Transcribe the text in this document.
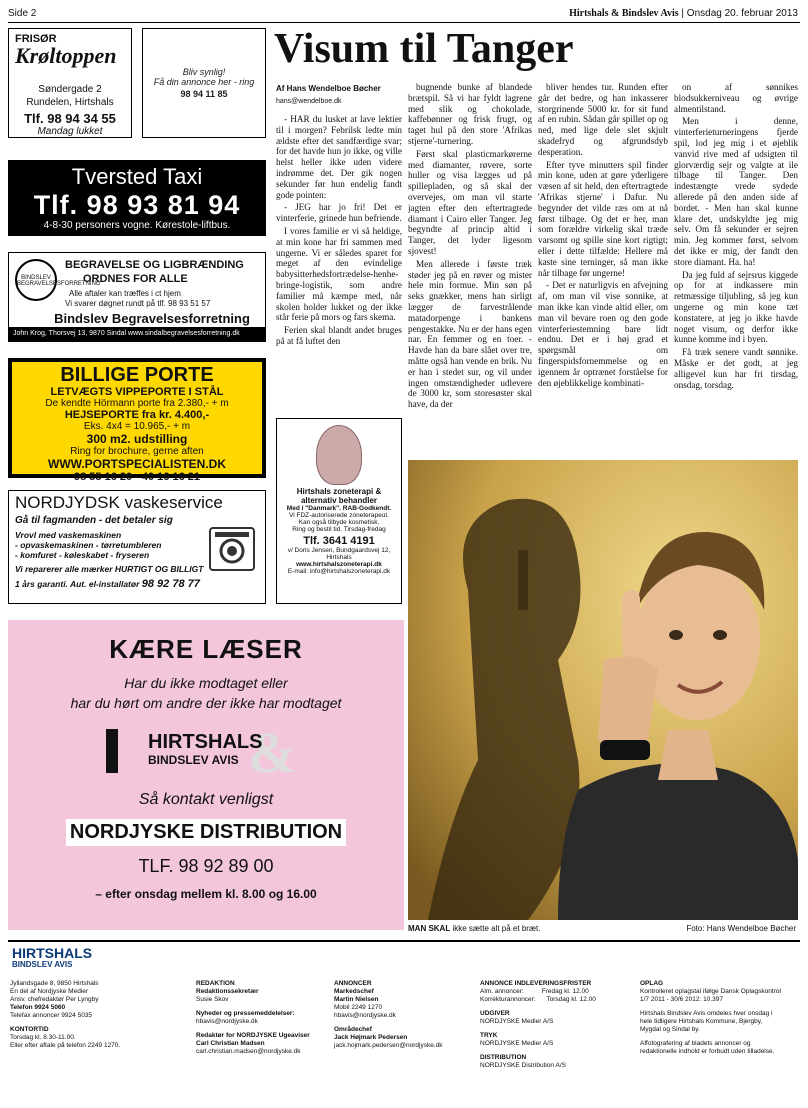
Side 2	Hirtshals & Bindslev Avis | Onsdag 20. februar 2013
FRISØR
Krøltoppen
Søndergade 2
Rundelen, Hirtshals
Tlf. 98 94 34 55
Mandag lukket
Bliv synlig!
Få din annonce her - ring
98 94 11 85
Tversted Taxi
Tlf. 98 93 81 94
4-8-30 personers vogne. Kørestole-liftbus.
BINDSLEV BEGRAVELSESFORRETNING
BEGRAVELSE OG LIGBRÆNDING
ORDNES FOR ALLE
Alle aftaler kan træffes i ct hjem
Vi svarer døgnet rundt på tlf. 98 93 51 57
Bindslev Begravelsesforretning
John Krog, Thorsvej 13, 9870 Sindal www.sindalbegravelsesforretning.dk
BILLIGE PORTE
LETVÆGTS VIPPEPORTE I STÅL
De kendte Hörmann porte fra 2.380,- + m
HEJSEPORTE fra kr. 4.400,-
Eks. 4x4 = 10.965,- + m
300 m2. udstilling
Ring for brochure, gerne aften
WWW.PORTSPECIALISTEN.DK
98 55 16 20 - 40 16 16 21
NORDJYDSK vaskeservice
Gå til fagmanden - det betaler sig
Vrovl med vaskemaskinen
- opvaskemaskinen - tørretumbleren
- komfuret - køleskabet - fryseren
Vi reparerer alle mærker HURTIGT OG BILLIGT
1 års garanti. Aut. el-installatør 98 92 78 77
Hirtshals zoneterapi &
alternativ behandler
Med i "Danmark". RAB-Godkendt.
Vi FDZ-autoriserede zoneterapeut.
Kan også tilbyde kosmetisk.
Ring og bestil tid. Tirsdag-fredag
Tlf. 3641 4191
v/ Doris Jensen, Bundgaardsvej 12, Hirtshals
www.hirtshalszoneterapi.dk
E-mail: info@hirtshalszoneterapi.dk
KÆRE LÆSER
Har du ikke modtaget eller
har du hørt om andre der ikke har modtaget
&
HIRTSHALS
BINDSLEV AVIS
Så kontakt venligst
NORDJYSKE DISTRIBUTION
TLF. 98 92 89 00
– efter onsdag mellem kl. 8.00 og 16.00
Visum til Tanger
Af Hans Wendelboe Bøcher
hans@wendelboe.dk

- HAR du lusket at lave lektier til i morgen? Febrilsk ledte min ældste efter det sandfærdige svar; for det havde hun jo ikke, og ville helst heller ikke uden videre indrømme det. Der gik nogen sekunder før hun endelig fandt gode pointen:

- JEG har jo fri! Det er vinterferie, grinede hun befriende.

I vores familie er vi så heldige, at min kone har fri sammen med ungerne. Vi er således sparet for meget af den evindelige babysitterhedsfortrædelse-henhe-bringe-logistik, som andre familier må kæmpe med, når skolen holder lukket og der ikke står ferie på mors og fars skema.

Ferien skal blandt andet bruges på at få luftet den

bugnende bunke af blandede brætspil. Så vi har fyldt lagrene med slik og chokolade, kaffebønner og frisk frugt, og taget hul på den store 'Afrikas stjerne'-turnering.

Først skal plasticmarkørerne med diamanter, røvere, sorte huller og visa lægges ud på spillepladen, og så skal der overvejes, om man vil starte jagten efter den eftertragtede diamant i Cairo eller Tanger. Jeg begyndte af princip altid i Tanger, det lyder ligesom sjovest!

Men allerede i første træk støder jeg på en røver og mister hele min formue. Min søn på seks gnækker, mens han sirligt lægger de farvestrålende matadorpenge i bankens pengestakke. Nu er der hans egen nar. En femmer og en toer. - Havde han da bare slået over tre, måtte også han vende en brik. Nu er han i stedet sur, og vil under ingen omstændigheder udlevere de 3000 kr, som storesøster skal have, da der

bliver hendes tur. Runden efter går det bedre, og han inkasserer storgrinende 5000 kr. for sit fund af en rubin. Sådan går spillet op og ned, med lige dele slet skjult skadefryd og afgrundsdyb desperation.

Efter tyve minutters spil finder min kone, uden at gøre yderligere væsen af sit held, den eftertragtede 'Afrikas stjerne' i Dafur. Nu begynder det vilde ræs om at nå først tilbage. Og det er her, man som forældre virkelig skal træde varsomt og spille sine kort rigtigt; eller i dette tilfælde: Hellere må kaste sine terninger, så man ikke når tilbage før ungerne!

- Det er naturligvis en afvejning af, om man vil vise sonnike, at man ikke kan vinde altid eller, om man vil bevare roen og den gode vinterferiestemning bare lidt endnu. Det er i høj grad et spørgsmål om fingerspidsfornemmelse og en igennem år optrænet forståelse for den øjeblikkelige kombinati-

on af sønnikes blodsukkerniveau og øvrige almentilstand.

Men i denne, vinterferieturneringens fjerde spil, lod jeg mig i et øjeblik vanvid rive med af udsigten til glorværdig sejr og valgte at ile tilbage til Tanger. Den indestængte vrede sydede allerede på den anden side af bordet. - Men han skal kunne klare det, undskyldte jeg mig selv. Om få sekunder er sejren min. Jeg kommer først, selvom det ikke er mig, der fandt den store diamant. Ha. ha!

Da jeg fuld af sejrsrus kiggede op for at indkassere min retmæssige tiljubling, så jeg kun ungerne og min kone tæt konstatere, at jeg jo ikke havde noget visum, og derfor ikke kunne komme ind i byen.

Få træk senere vandt sønnike. Måske er det godt, at jeg alligevel kun har fri tirsdag, onsdag, torsdag.

MAN SKAL ikke sætte alt på et bræt.	Foto: Hans Wendelboe Bøcher
HIRTSHALS
BINDSLEV AVIS
Jyllandsgade 8, 9850 Hirtshals
En del af Nordjyske Medier
Ansv. chefredaktør Per Lyngby
Telefon 9924 5060
Telefax annoncer 9924 5035
KONTORTID
Torsdag kl. 8.30-11.00.
Eller efter aftale på telefon 2249 1270.
REDAKTION
Redaktionssekretær
Susie Skov
Nyheder og pressemeddelelser:
hbavis@nordjyske.dk
Redaktør for NORDJYSKE Ugeaviser
Carl Christian Madsen
carl.christian.madsen@nordjyske.dk
ANNONCER
Markedschef
Martin Nielsen
Mobil 2249 1270
hbavis@nordjyske.dk
Områdechef
Jack Højmark Pedersen
jack.hojmark.pedersen@nordjyske.dk
ANNONCE INDLEVERINGSFRISTER
Alm. annoncer:          Fredag kl. 12.00
Korrekturannoncer:      Torsdag kl. 12.00
UDGIVER
NORDJYSKE Medier A/S
TRYK
NORDJYSKE Medier A/S
DISTRIBUTION
NORDJYSKE Distribution A/S
OPLAG
Kontrolleret oplagstal ifølge Dansk Oplagskontrol
1/7 2011 - 30/6 2012: 10.397
Hirtshals Bindslev Avis omdeles hver onsdag i
hele tidligere Hirtshals Kommune, Bjergby,
Mygdal og Sindal by.
Affotografering af bladets annoncer og
redaktionelle indhold er forbudt uden tilladelse.
